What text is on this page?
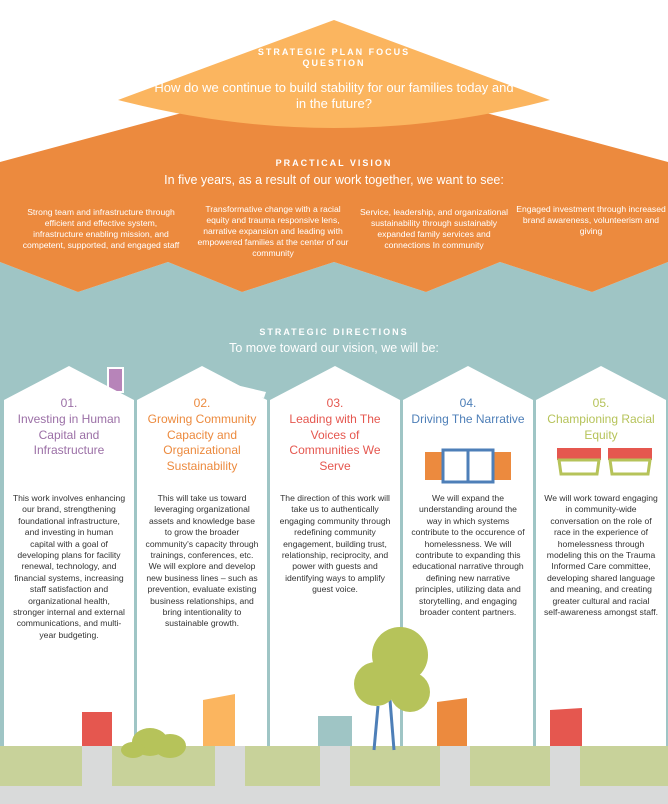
STRATEGIC PLAN FOCUS QUESTION
How do we continue to build stability for our families today and in the future?
PRACTICAL VISION
In five years, as a result of our work together, we want to see:
Strong team and infrastructure through efficient and effective system, infrastructure enabling mission, and competent, supported, and engaged staff
Transformative change with a racial equity and trauma responsive lens, narrative expansion and leading with empowered families at the center of our community
Service, leadership, and organizational sustainability through sustainably expanded family services and connections In community
Engaged investment through increased brand awareness, volunteerism and giving
STRATEGIC DIRECTIONS
To move toward our vision, we will be:
01.
Investing in Human Capital and Infrastructure
This work involves enhancing our brand, strengthening foundational infrastructure, and investing in human capital with a goal of developing plans for facility renewal, technology, and financial systems, increasing staff satisfaction and organizational health, stronger internal and external communications, and multi-year budgeting.
02.
Growing Community Capacity and Organizational Sustainability
This will take us toward leveraging organizational assets and knowledge base to grow the broader community's capacity through trainings, conferences, etc. We will explore and develop new business lines – such as prevention, evaluate existing business relationships, and bring intentionality to sustainable growth.
03.
Leading with The Voices of Communities We Serve
The direction of this work will take us to authentically engaging community through redefining community engagement, building trust, relationship, reciprocity, and power with guests and identifying ways to amplify guest voice.
04.
Driving The Narrative
We will expand the understanding around the way in which systems contribute to the occurence of homelessness. We will contribute to expanding this educational narrative through defining new narrative principles, utilizing data and storytelling, and engaging broader content partners.
05.
Championing Racial Equity
We will work toward engaging in community-wide conversation on the role of race in the experience of homelessness through modeling this on the Trauma Informed Care committee, developing shared language and meaning, and creating greater cultural and racial self-awareness amongst staff.
